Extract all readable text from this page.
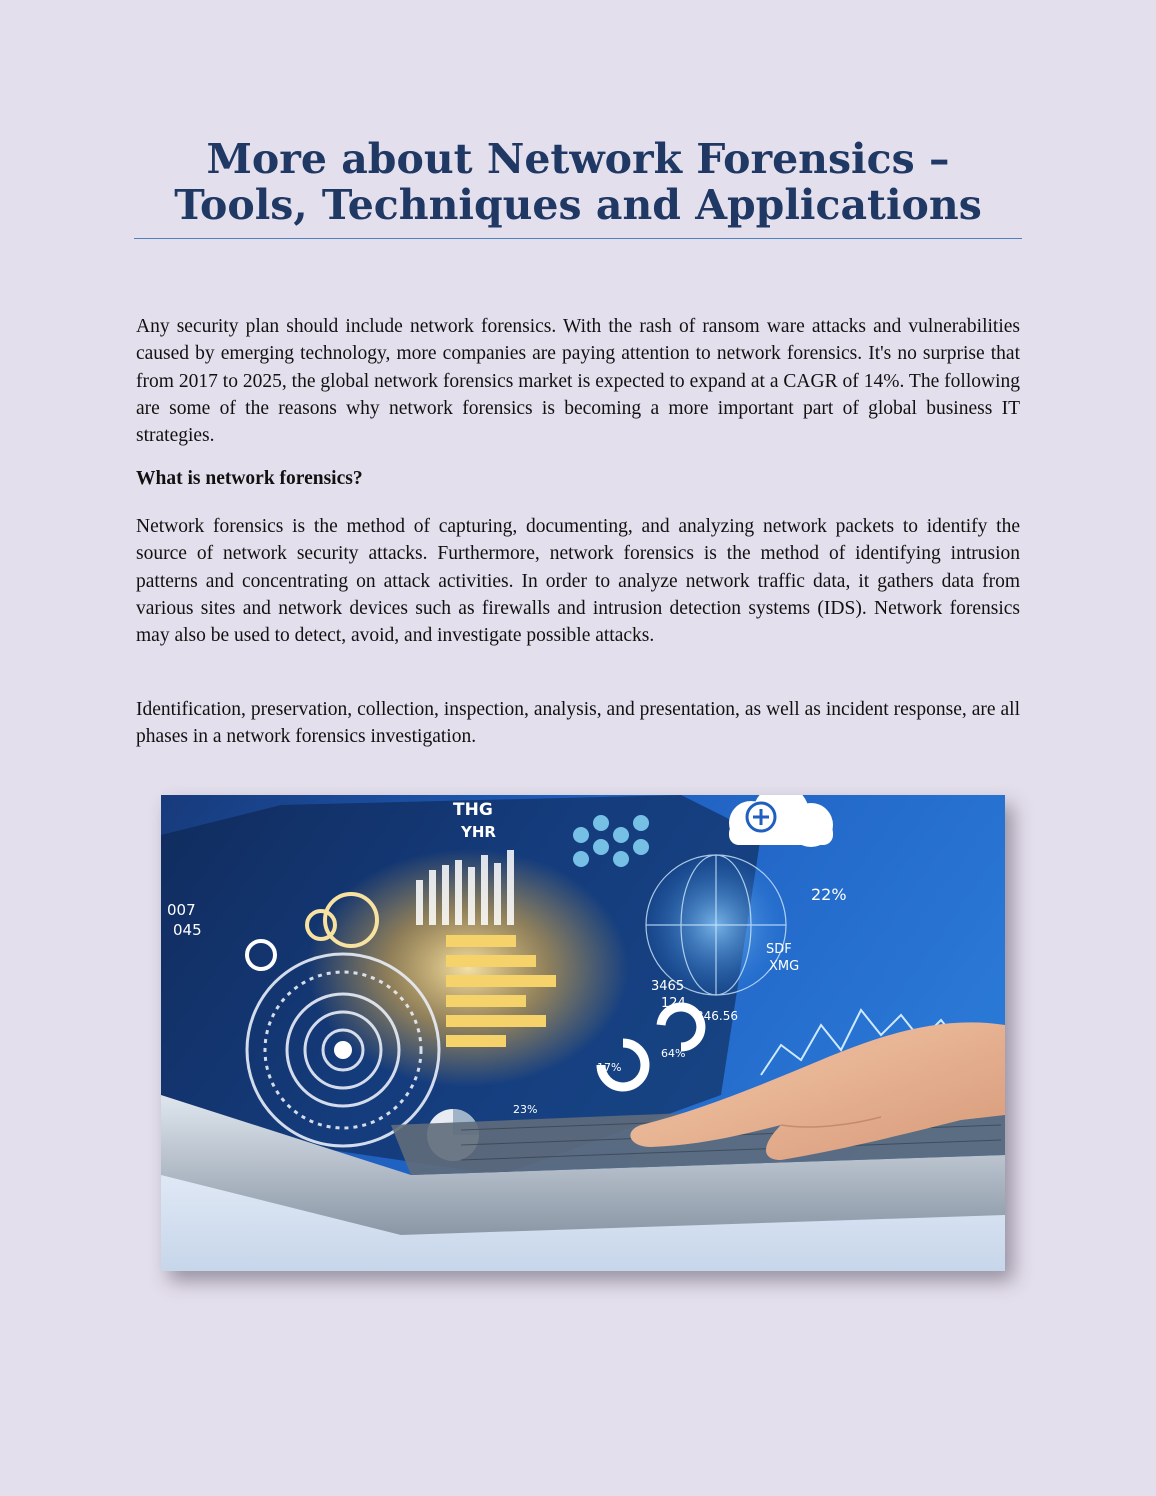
More about Network Forensics – Tools, Techniques and Applications

Any security plan should include network forensics. With the rash of ransom ware attacks and vulnerabilities caused by emerging technology, more companies are paying attention to network forensics. It's no surprise that from 2017 to 2025, the global network forensics market is expected to expand at a CAGR of 14%. The following are some of the reasons why network forensics is becoming a more important part of global business IT strategies.

What is network forensics?

Network forensics is the method of capturing, documenting, and analyzing network packets to identify the source of network security attacks. Furthermore, network forensics is the method of identifying intrusion patterns and concentrating on attack activities. In order to analyze network traffic data, it gathers data from various sites and network devices such as firewalls and intrusion detection systems (IDS). Network forensics may also be used to detect, avoid, and investigate possible attacks.

Identification, preservation, collection, inspection, analysis, and presentation, as well as incident response, are all phases in a network forensics investigation.

THG
YHR
007
045
22%
SDF
XMG
3465
124
346.56
17%
64%
23%
